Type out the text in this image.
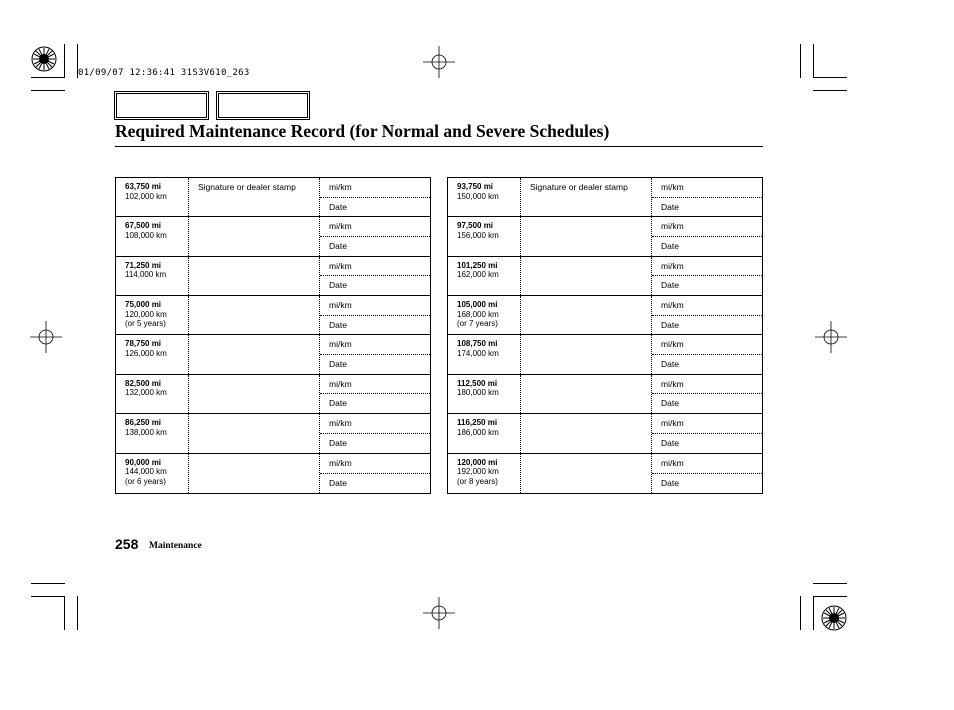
01/09/07 12:36:41 31S3V610_263
Required Maintenance Record (for Normal and Severe Schedules)
63,750 mi
102,000 km
Signature or dealer stamp	mi/km
Date
67,500 mi
108,000 km
mi/km
Date
71,250 mi
114,000 km
mi/km
Date
75,000 mi
120,000 km
(or 5 years)
mi/km
Date
78,750 mi
126,000 km
mi/km
Date
82,500 mi
132,000 km
mi/km
Date
86,250 mi
138,000 km
mi/km
Date
90,000 mi
144,000 km
(or 6 years)
mi/km
Date
93,750 mi
150,000 km
Signature or dealer stamp	mi/km
Date
97,500 mi
156,000 km
mi/km
Date
101,250 mi
162,000 km
mi/km
Date
105,000 mi
168,000 km
(or 7 years)
mi/km
Date
108,750 mi
174,000 km
mi/km
Date
112,500 mi
180,000 km
mi/km
Date
116,250 mi
186,000 km
mi/km
Date
120,000 mi
192,000 km
(or 8 years)
mi/km
Date
258 Maintenance
